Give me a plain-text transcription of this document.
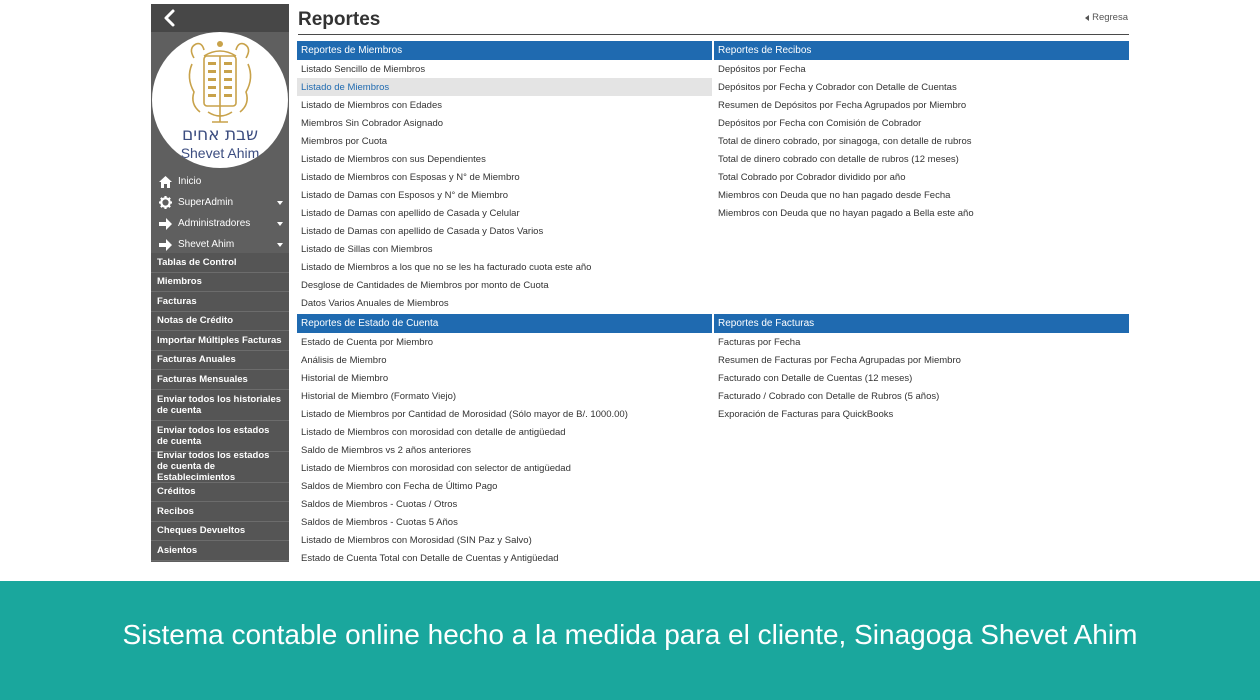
שבת אחים
Shevet Ahim
Inicio
SuperAdmin
Administradores
Shevet Ahim
Tablas de Control
Miembros
Facturas
Notas de Crédito
Importar Múltiples Facturas
Facturas Anuales
Facturas Mensuales
Enviar todos los historiales de cuenta
Enviar todos los estados de cuenta
Enviar todos los estados de cuenta de Establecimientos
Créditos
Recibos
Cheques Devueltos
Asientos
Reportes	Regresa
Reportes de Miembros
Listado Sencillo de Miembros
Listado de Miembros
Listado de Miembros con Edades
Miembros Sin Cobrador Asignado
Miembros por Cuota
Listado de Miembros con sus Dependientes
Listado de Miembros con Esposas y N° de Miembro
Listado de Damas con Esposos y N° de Miembro
Listado de Damas con apellido de Casada y Celular
Listado de Damas con apellido de Casada y Datos Varios
Listado de Sillas con Miembros
Listado de Miembros a los que no se les ha facturado cuota este año
Desglose de Cantidades de Miembros por monto de Cuota
Datos Varios Anuales de Miembros
Reportes de Recibos
Depósitos por Fecha
Depósitos por Fecha y Cobrador con Detalle de Cuentas
Resumen de Depósitos por Fecha Agrupados por Miembro
Depósitos por Fecha con Comisión de Cobrador
Total de dinero cobrado, por sinagoga, con detalle de rubros
Total de dinero cobrado con detalle de rubros (12 meses)
Total Cobrado por Cobrador dividido por año
Miembros con Deuda que no han pagado desde Fecha
Miembros con Deuda que no hayan pagado a Bella este año
Reportes de Estado de Cuenta
Estado de Cuenta por Miembro
Análisis de Miembro
Historial de Miembro
Historial de Miembro (Formato Viejo)
Listado de Miembros por Cantidad de Morosidad (Sólo mayor de B/. 1000.00)
Listado de Miembros con morosidad con detalle de antigüedad
Saldo de Miembros vs 2 años anteriores
Listado de Miembros con morosidad con selector de antigüedad
Saldos de Miembro con Fecha de Último Pago
Saldos de Miembros - Cuotas / Otros
Saldos de Miembros - Cuotas 5 Años
Listado de Miembros con Morosidad (SIN Paz y Salvo)
Estado de Cuenta Total con Detalle de Cuentas y Antigüedad
Reportes de Facturas
Facturas por Fecha
Resumen de Facturas por Fecha Agrupadas por Miembro
Facturado con Detalle de Cuentas (12 meses)
Facturado / Cobrado con Detalle de Rubros (5 años)
Exporación de Facturas para QuickBooks
Sistema contable online hecho a la medida para el cliente, Sinagoga Shevet Ahim
